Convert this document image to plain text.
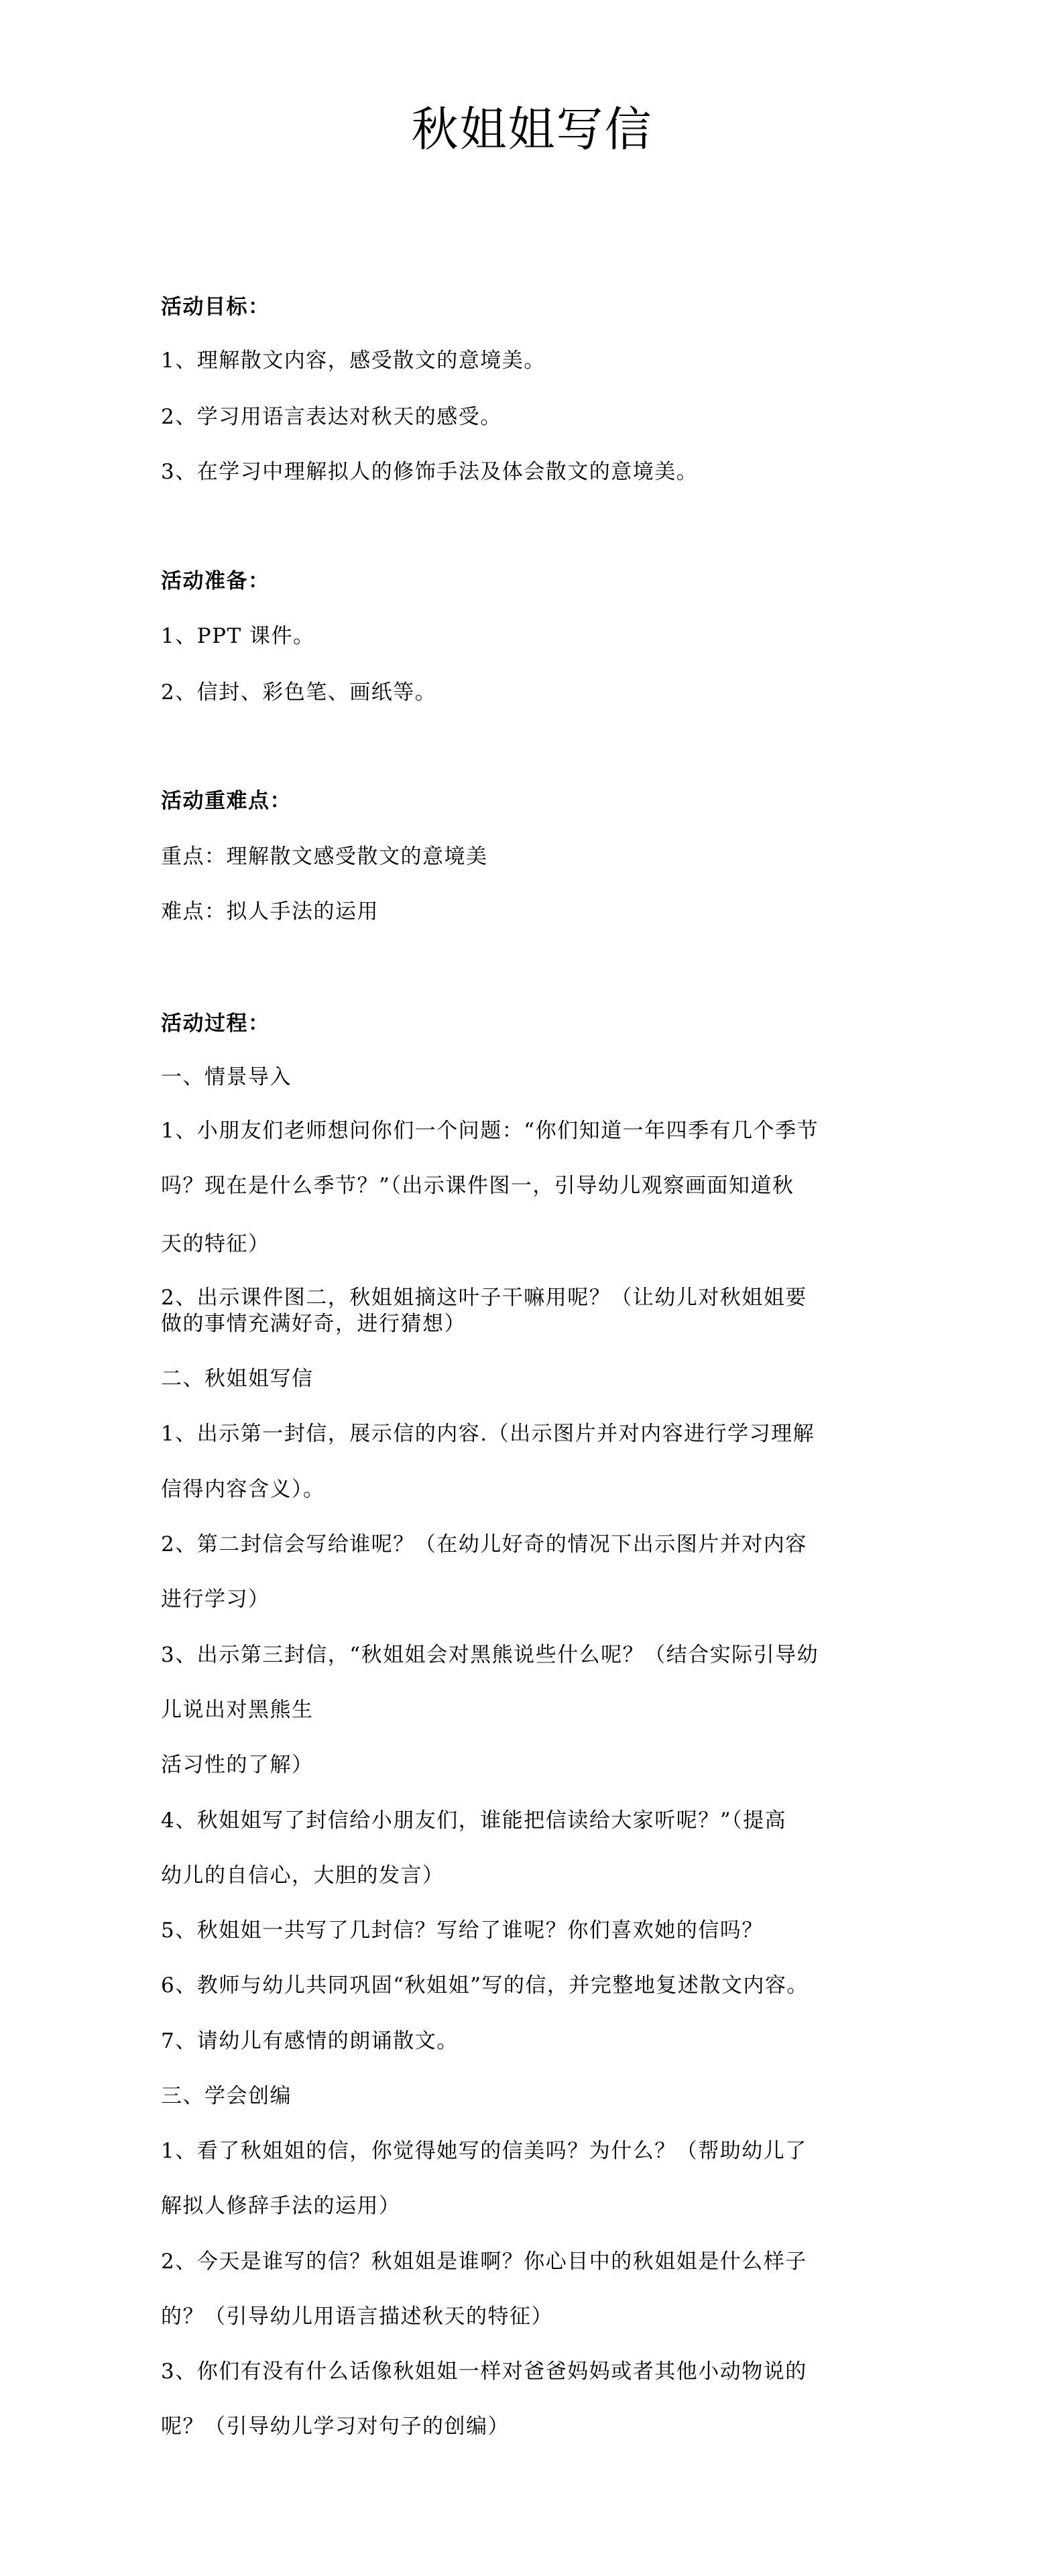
秋姐姐写信
活动目标：
1、理解散文内容，感受散文的意境美。
2、学习用语言表达对秋天的感受。
3、在学习中理解拟人的修饰手法及体会散文的意境美。
活动准备：
1、PPT 课件。
2、信封、彩色笔、画纸等。
活动重难点：
重点：理解散文感受散文的意境美
难点：拟人手法的运用
活动过程：
一、情景导入
1、小朋友们老师想问你们一个问题：“你们知道一年四季有几个季节
吗？现在是什么季节？”（出示课件图一，引导幼儿观察画面知道秋
天的特征）
2、出示课件图二，秋姐姐摘这叶子干嘛用呢？（让幼儿对秋姐姐要
做的事情充满好奇，进行猜想）
二、秋姐姐写信
1、出示第一封信，展示信的内容.（出示图片并对内容进行学习理解
信得内容含义）。
2、第二封信会写给谁呢？（在幼儿好奇的情况下出示图片并对内容
进行学习）
3、出示第三封信，“秋姐姐会对黑熊说些什么呢？（结合实际引导幼
儿说出对黑熊生
活习性的了解）
4、秋姐姐写了封信给小朋友们，谁能把信读给大家听呢？”（提高
幼儿的自信心，大胆的发言）
5、秋姐姐一共写了几封信？写给了谁呢？你们喜欢她的信吗？
6、教师与幼儿共同巩固“秋姐姐”写的信，并完整地复述散文内容。
7、请幼儿有感情的朗诵散文。
三、学会创编
1、看了秋姐姐的信，你觉得她写的信美吗？为什么？（帮助幼儿了
解拟人修辞手法的运用）
2、今天是谁写的信？秋姐姐是谁啊？你心目中的秋姐姐是什么样子
的？（引导幼儿用语言描述秋天的特征）
3、你们有没有什么话像秋姐姐一样对爸爸妈妈或者其他小动物说的
呢？（引导幼儿学习对句子的创编）
